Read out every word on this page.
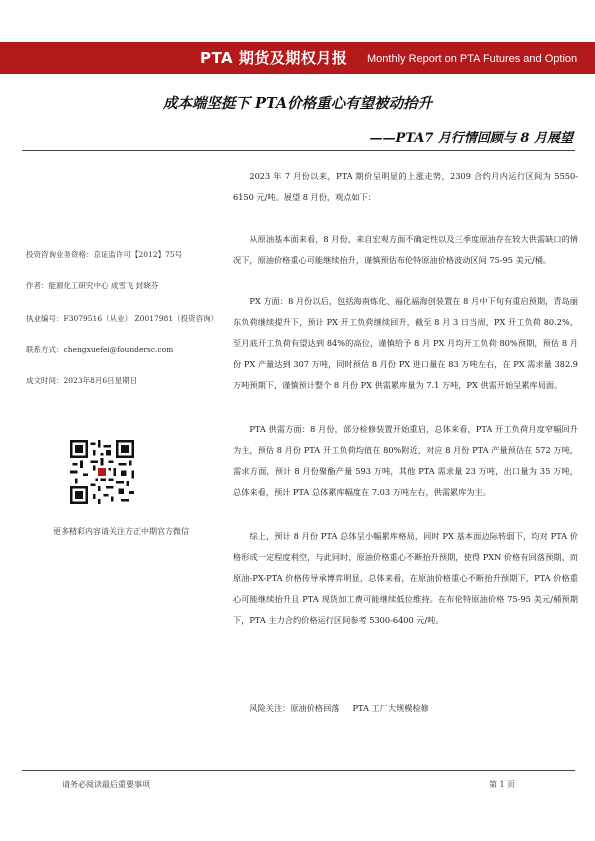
PTA 期货及期权月报 Monthly Report on PTA Futures and Option
成本端坚挺下 PTA价格重心有望被动抬升
——PTA7 月行情回顾与 8 月展望

投资咨询业务资格：京证监许可【2012】75号

作者：能源化工研究中心 成雪飞 封晓芬

执业编号：F3079516（从业） Z0017981（投资咨询）

联系方式：chengxuefei@foundersc.com

成文时间：2023年8月6日星期日

更多精彩内容请关注方正中期官方微信

2023 年 7 月份以来，PTA 期价呈明显的上涨走势，2309 合约月内运行区间为 5550-6150 元/吨。展望 8 月份，观点如下：

从原油基本面来看，8 月份，来自宏观方面不确定性以及三季度原油存在较大供需缺口的情况下，原油价格重心可能继续抬升，谨慎预估布伦特原油价格波动区间 75-95 美元/桶。

PX 方面：8 月份以后，包括海南炼化、福化福海创装置在 8 月中下旬有重启预期，青岛丽东负荷继续提升下，预计 PX 开工负荷继续回升，截至 8 月 3 日当周，PX 开工负荷 80.2%，至月底开工负荷有望达到 84%的高位，谨慎给予 8 月 PX 月均开工负荷 80%预期，预估 8 月份 PX 产量达到 307 万吨，同时预估 8 月份 PX 进口量在 83 万吨左右，在 PX 需求量 382.9 万吨预期下，谨慎预计整个 8 月份 PX 供需累库量为 7.1 万吨，PX 供需开始呈累库局面。

PTA 供需方面：8 月份，部分检修装置开始重启，总体来看，PTA 开工负荷月度窄幅回升为主，预估 8 月份 PTA 开工负荷均值在 80%附近，对应 8 月份 PTA 产量预估在 572 万吨，需求方面，预计 8 月份聚酯产量 593 万吨，其他 PTA 需求量 23 万吨，出口量为 35 万吨，总体来看，预计 PTA 总体累库幅度在 7.03 万吨左右，供需累库为主。

综上，预计 8 月份 PTA 总体呈小幅累库格局，同时 PX 基本面边际转弱下，均对 PTA 价格形成一定程度利空，与此同时，原油价格重心不断抬升预期，使得 PXN 价格有回落预期，而原油-PX-PTA 价格传导承博弈明显，总体来看，在原油价格重心不断抬升预期下，PTA 价格重心可能继续抬升且 PTA 现货加工费可能继续低位维持。在布伦特原油价格 75-95 美元/桶预期下，PTA 主力合约价格运行区间参考 5300-6400 元/吨。

风险关注：原油价格回落     PTA 工厂大规模检修

请务必阅读最后重要事项	第 1 页
